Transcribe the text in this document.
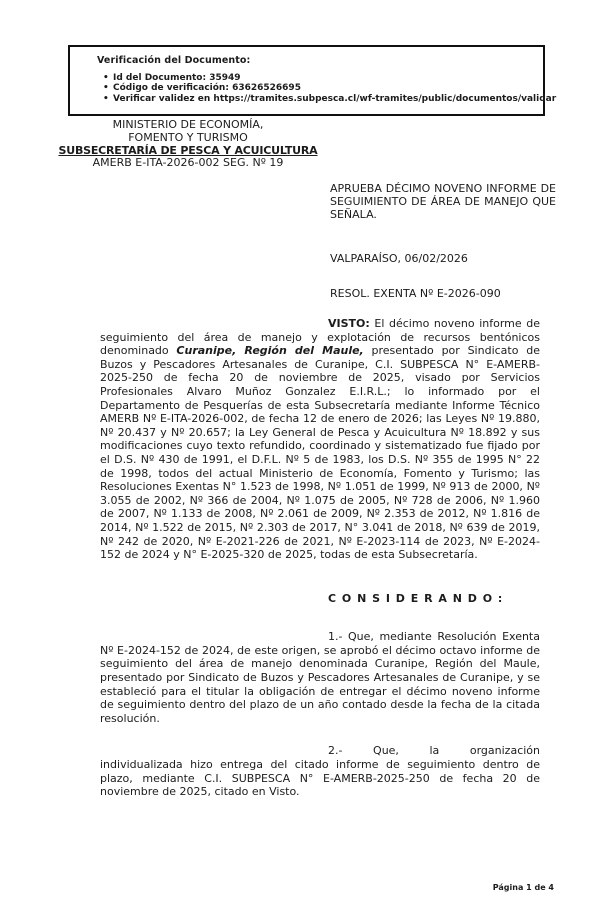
Verificación del Documento:
• Id del Documento: 35949
• Código de verificación: 63626526695
• Verificar validez en https://tramites.subpesca.cl/wf-tramites/public/documentos/validar
MINISTERIO DE ECONOMÍA,
FOMENTO Y TURISMO
SUBSECRETARÍA DE PESCA Y ACUICULTURA
AMERB E-ITA-2026-002 SEG. Nº 19
APRUEBA DÉCIMO NOVENO INFORME DE SEGUIMIENTO DE ÁREA DE MANEJO QUE SEÑALA.
VALPARAÍSO, 06/02/2026
RESOL. EXENTA Nº E-2026-090

VISTO: El décimo noveno informe de seguimiento del área de manejo y explotación de recursos bentónicos denominado Curanipe, Región del Maule, presentado por Sindicato de Buzos y Pescadores Artesanales de Curanipe, C.I. SUBPESCA N° E-AMERB-2025-250 de fecha 20 de noviembre de 2025, visado por Servicios Profesionales Alvaro Muñoz Gonzalez E.I.R.L.; lo informado por el Departamento de Pesquerías de esta Subsecretaría mediante Informe Técnico AMERB Nº E-ITA-2026-002, de fecha 12 de enero de 2026; las Leyes Nº 19.880, Nº 20.437 y Nº 20.657; la Ley General de Pesca y Acuicultura Nº 18.892 y sus modificaciones cuyo texto refundido, coordinado y sistematizado fue fijado por el D.S. Nº 430 de 1991, el D.F.L. Nº 5 de 1983, los D.S. Nº 355 de 1995 N° 22 de 1998, todos del actual Ministerio de Economía, Fomento y Turismo; las Resoluciones Exentas N° 1.523 de 1998, Nº 1.051 de 1999, Nº 913 de 2000, Nº 3.055 de 2002, Nº 366 de 2004, Nº 1.075 de 2005, Nº 728 de 2006, Nº 1.960 de 2007, Nº 1.133 de 2008, Nº 2.061 de 2009, Nº 2.353 de 2012, Nº 1.816 de 2014, Nº 1.522 de 2015, Nº 2.303 de 2017, N° 3.041 de 2018, Nº 639 de 2019, Nº 242 de 2020, Nº E-2021-226 de 2021, Nº E-2023-114 de 2023, Nº E-2024-152 de 2024 y N° E-2025-320 de 2025, todas de esta Subsecretaría.

C O N S I D E R A N D O :

1.- Que, mediante Resolución Exenta Nº E-2024-152 de 2024, de este origen, se aprobó el décimo octavo informe de seguimiento del área de manejo denominada Curanipe, Región del Maule, presentado por Sindicato de Buzos y Pescadores Artesanales de Curanipe, y se estableció para el titular la obligación de entregar el décimo noveno informe de seguimiento dentro del plazo de un año contado desde la fecha de la citada resolución.

2.- Que, la organización individualizada hizo entrega del citado informe de seguimiento dentro de plazo, mediante C.I. SUBPESCA N° E-AMERB-2025-250 de fecha 20 de noviembre de 2025, citado en Visto.

Página 1 de 4
